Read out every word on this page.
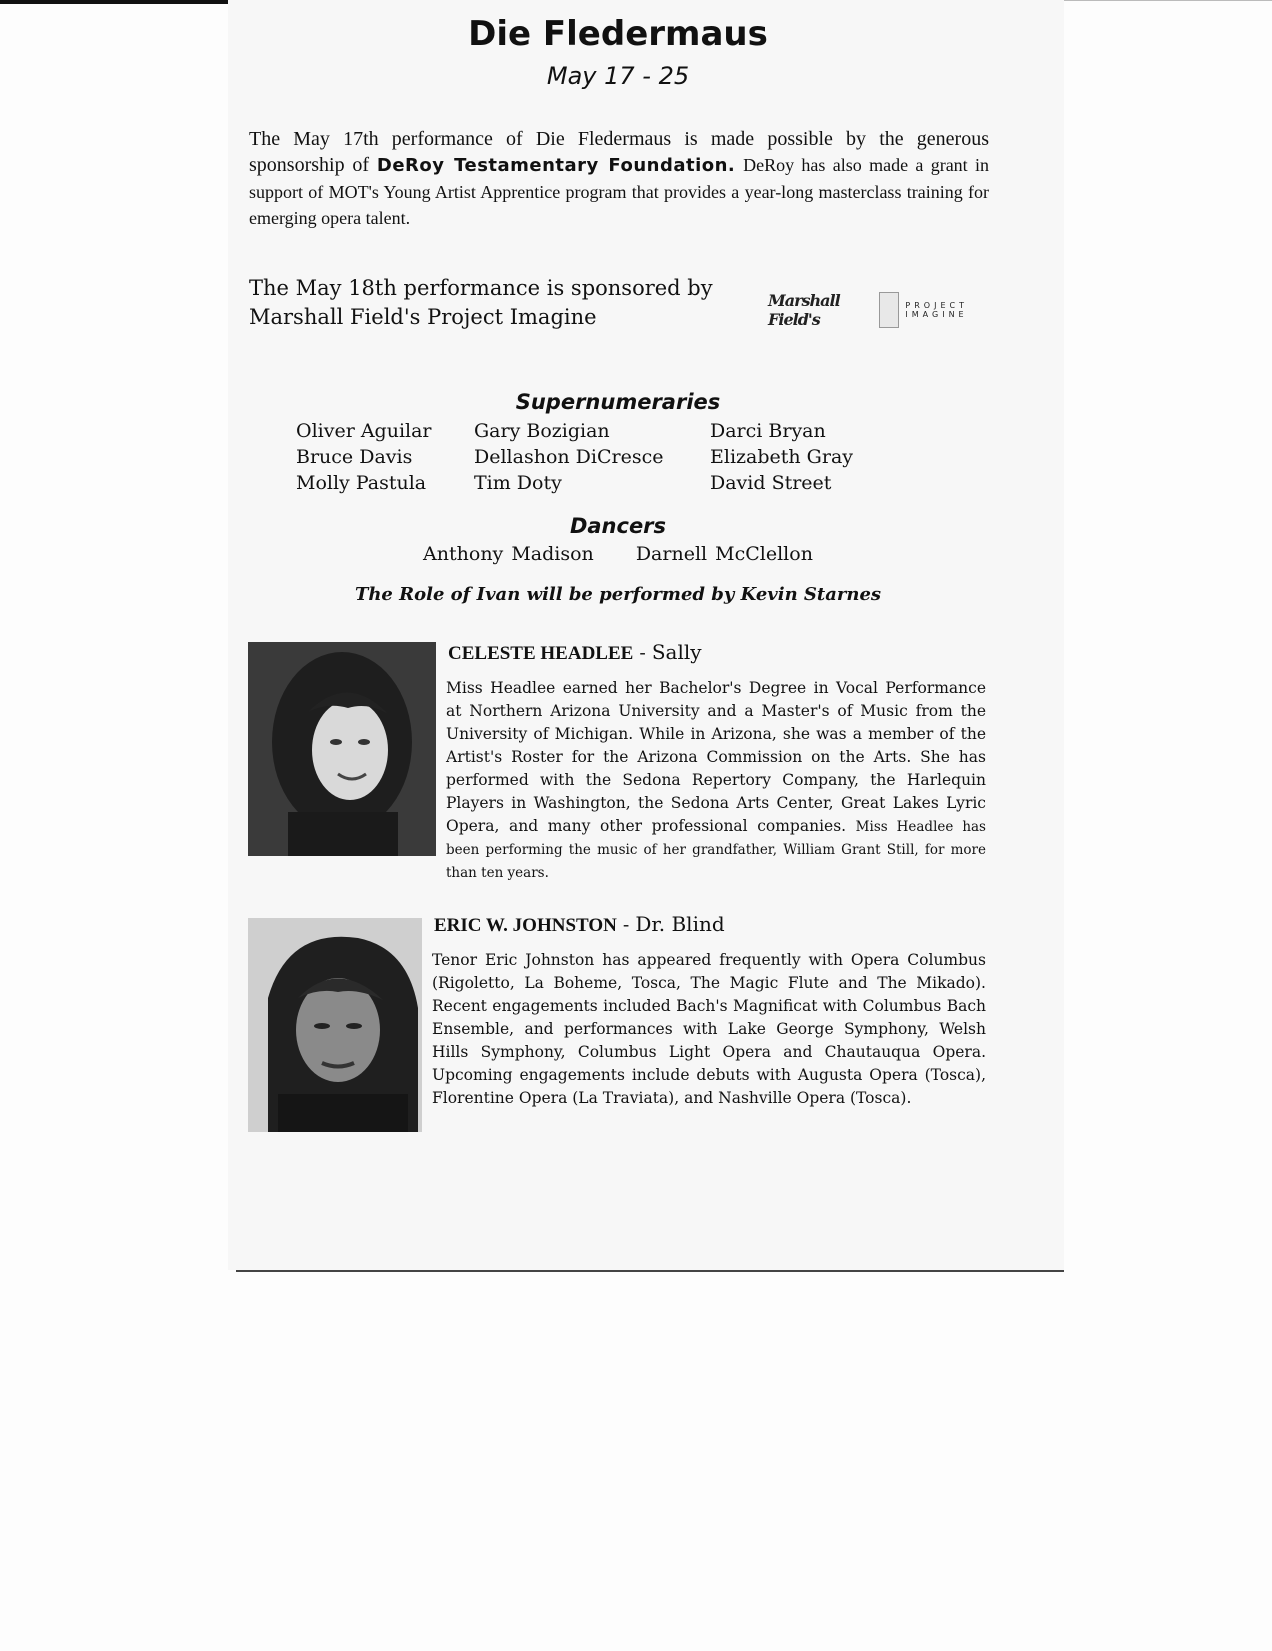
Die Fledermaus
May 17 - 25
The May 17th performance of Die Fledermaus is made possible by the generous sponsorship of DeRoy Testamentary Foundation. DeRoy has also made a grant in support of MOT's Young Artist Apprentice program that provides a year-long masterclass training for emerging opera talent.
The May 18th performance is sponsored by
Marshall Field's Project Imagine
Marshall Field's
PROJECT
IMAGINE
Supernumeraries
Oliver Aguilar
Bruce Davis
Molly Pastula
Gary Bozigian
Dellashon DiCresce
Tim Doty
Darci Bryan
Elizabeth Gray
David Street
Dancers
Anthony Madison Darnell McClellon
The Role of Ivan will be performed by Kevin Starnes
CELESTE HEADLEE - Sally
Miss Headlee earned her Bachelor's Degree in Vocal Performance at Northern Arizona University and a Master's of Music from the University of Michigan. While in Arizona, she was a member of the Artist's Roster for the Arizona Commission on the Arts. She has performed with the Sedona Repertory Company, the Harlequin Players in Washington, the Sedona Arts Center, Great Lakes Lyric Opera, and many other professional companies. Miss Headlee has been performing the music of her grandfather, William Grant Still, for more than ten years.
ERIC W. JOHNSTON - Dr. Blind
Tenor Eric Johnston has appeared frequently with Opera Columbus (Rigoletto, La Boheme, Tosca, The Magic Flute and The Mikado). Recent engagements included Bach's Magnificat with Columbus Bach Ensemble, and performances with Lake George Symphony, Welsh Hills Symphony, Columbus Light Opera and Chautauqua Opera. Upcoming engagements include debuts with Augusta Opera (Tosca), Florentine Opera (La Traviata), and Nashville Opera (Tosca).
